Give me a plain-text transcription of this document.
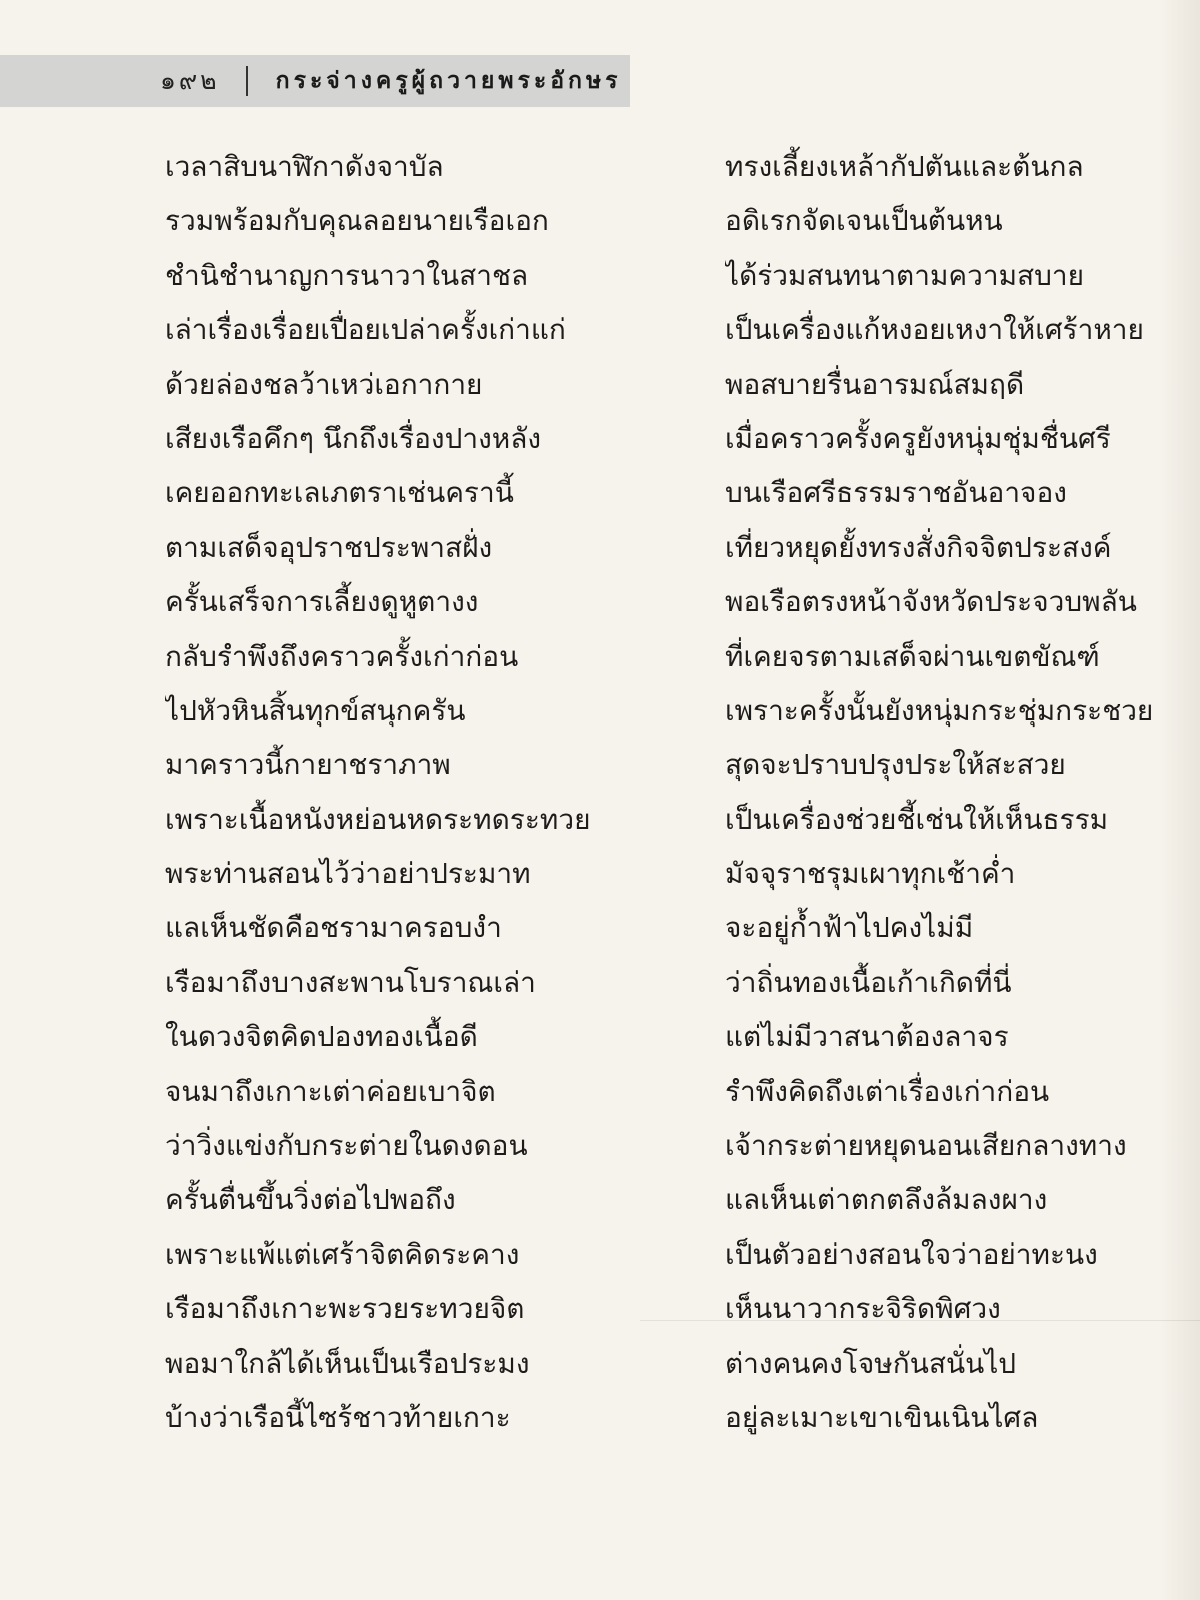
๑๙๒ กระจ่างครูผู้ถวายพระอักษร
เวลาสิบนาฬิกาดังจาบัล
รวมพร้อมกับคุณลอยนายเรือเอก
ชำนิชำนาญการนาวาในสาชล
เล่าเรื่องเรื่อยเปื่อยเปล่าครั้งเก่าแก่
ด้วยล่องชลว้าเหว่เอกากาย
เสียงเรือคึกๆ นึกถึงเรื่องปางหลัง
เคยออกทะเลเภตราเช่นครานี้
ตามเสด็จอุปราชประพาสฝั่ง
ครั้นเสร็จการเลี้ยงดูหูตางง
กลับรำพึงถึงคราวครั้งเก่าก่อน
ไปหัวหินสิ้นทุกข์สนุกครัน
มาคราวนี้กายาชราภาพ
เพราะเนื้อหนังหย่อนหดระทดระทวย
พระท่านสอนไว้ว่าอย่าประมาท
แลเห็นชัดคือชรามาครอบงำ
เรือมาถึงบางสะพานโบราณเล่า
ในดวงจิตคิดปองทองเนื้อดี
จนมาถึงเกาะเต่าค่อยเบาจิต
ว่าวิ่งแข่งกับกระต่ายในดงดอน
ครั้นตื่นขึ้นวิ่งต่อไปพอถึง
เพราะแพ้แต่เศร้าจิตคิดระคาง
เรือมาถึงเกาะพะรวยระทวยจิต
พอมาใกล้ได้เห็นเป็นเรือประมง
บ้างว่าเรือนี้ไซร้ชาวท้ายเกาะ
ทรงเลี้ยงเหล้ากัปตันและต้นกล
อดิเรกจัดเจนเป็นต้นหน
ได้ร่วมสนทนาตามความสบาย
เป็นเครื่องแก้หงอยเหงาให้เศร้าหาย
พอสบายรื่นอารมณ์สมฤดี
เมื่อคราวครั้งครูยังหนุ่มชุ่มชื่นศรี
บนเรือศรีธรรมราชอันอาจอง
เที่ยวหยุดยั้งทรงสั่งกิจจิตประสงค์
พอเรือตรงหน้าจังหวัดประจวบพลัน
ที่เคยจรตามเสด็จผ่านเขตขัณฑ์
เพราะครั้งนั้นยังหนุ่มกระชุ่มกระชวย
สุดจะปราบปรุงประให้สะสวย
เป็นเครื่องช่วยชี้เช่นให้เห็นธรรม
มัจจุราชรุมเผาทุกเช้าค่ำ
จะอยู่ก้ำฟ้าไปคงไม่มี
ว่าถิ่นทองเนื้อเก้าเกิดที่นี่
แต่ไม่มีวาสนาต้องลาจร
รำพึงคิดถึงเต่าเรื่องเก่าก่อน
เจ้ากระต่ายหยุดนอนเสียกลางทาง
แลเห็นเต่าตกตลึงล้มลงผาง
เป็นตัวอย่างสอนใจว่าอย่าทะนง
เห็นนาวากระจิริดพิศวง
ต่างคนคงโจษกันสนั่นไป
อยู่ละเมาะเขาเขินเนินไศล
